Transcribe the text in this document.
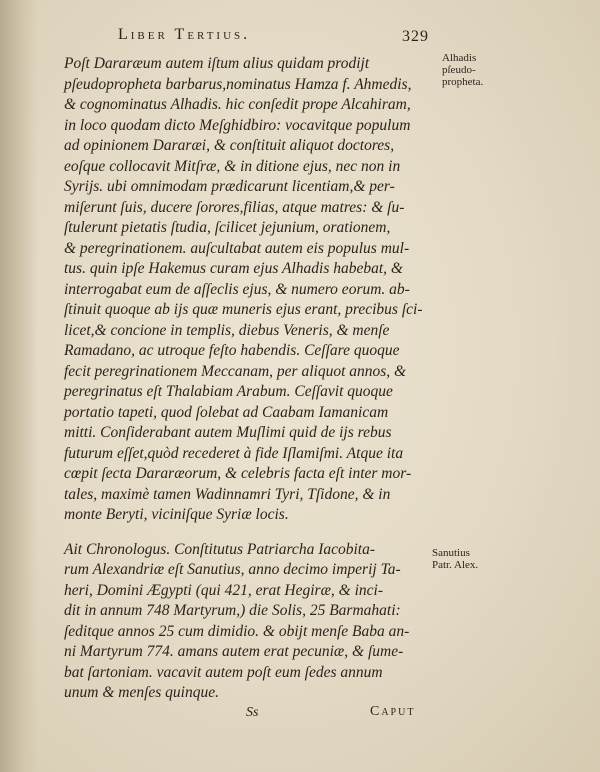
Liber Tertius.	329
Poſt Dararæum autem iſtum alius quidam prodijt
pſeudopropheta barbarus,nominatus Hamza f. Ahmedis,
& cognominatus Alhadis. hic conſedit prope Alcahiram,
in loco quodam dicto Meſghidbiro: vocavitque populum
ad opinionem Dararæi, & conſtituit aliquot doctores,
eoſque collocavit Mitſræ, & in ditione ejus, nec non in
Syrijs. ubi omnimodam prædicarunt licentiam,& per-
miſerunt ſuis, ducere ſorores,filias, atque matres: & ſu-
ſtulerunt pietatis ſtudia, ſcilicet jejunium, orationem,
& peregrinationem. auſcultabat autem eis populus mul-
tus. quin ipſe Hakemus curam ejus Alhadis habebat, &
interrogabat eum de aſſeclis ejus, & numero eorum. ab-
ſtinuit quoque ab ijs quæ muneris ejus erant, precibus ſci-
licet,& concione in templis, diebus Veneris, & menſe
Ramadano, ac utroque feſto habendis. Ceſſare quoque
fecit peregrinationem Meccanam, per aliquot annos, &
peregrinatus eſt Thalabiam Arabum. Ceſſavit quoque
portatio tapeti, quod ſolebat ad Caabam Iamanicam
mitti. Conſiderabant autem Muſlimi quid de ijs rebus
futurum eſſet,quòd recederet à fide Iſlamiſmi. Atque ita
cœpit ſecta Dararæorum, & celebris facta eſt inter mor-
tales, maximè tamen Wadinnamri Tyri, Tſidone, & in
monte Beryti, viciniſque Syriæ locis.
Ait Chronologus. Conſtitutus Patriarcha Iacobita-
rum Alexandriæ eſt Sanutius, anno decimo imperij Ta-
heri, Domini Ægypti (qui 421, erat Hegiræ, & inci-
dit in annum 748 Martyrum,) die Solis, 25 Barmahati:
ſeditque annos 25 cum dimidio. & obijt menſe Baba an-
ni Martyrum 774. amans autem erat pecuniæ, & ſume-
bat ſartoniam. vacavit autem poſt eum ſedes annum
unum & menſes quinque.
Alhadis
pſeudo-
propheta.
Sanutius
Patr. Alex.
Ss	Caput
